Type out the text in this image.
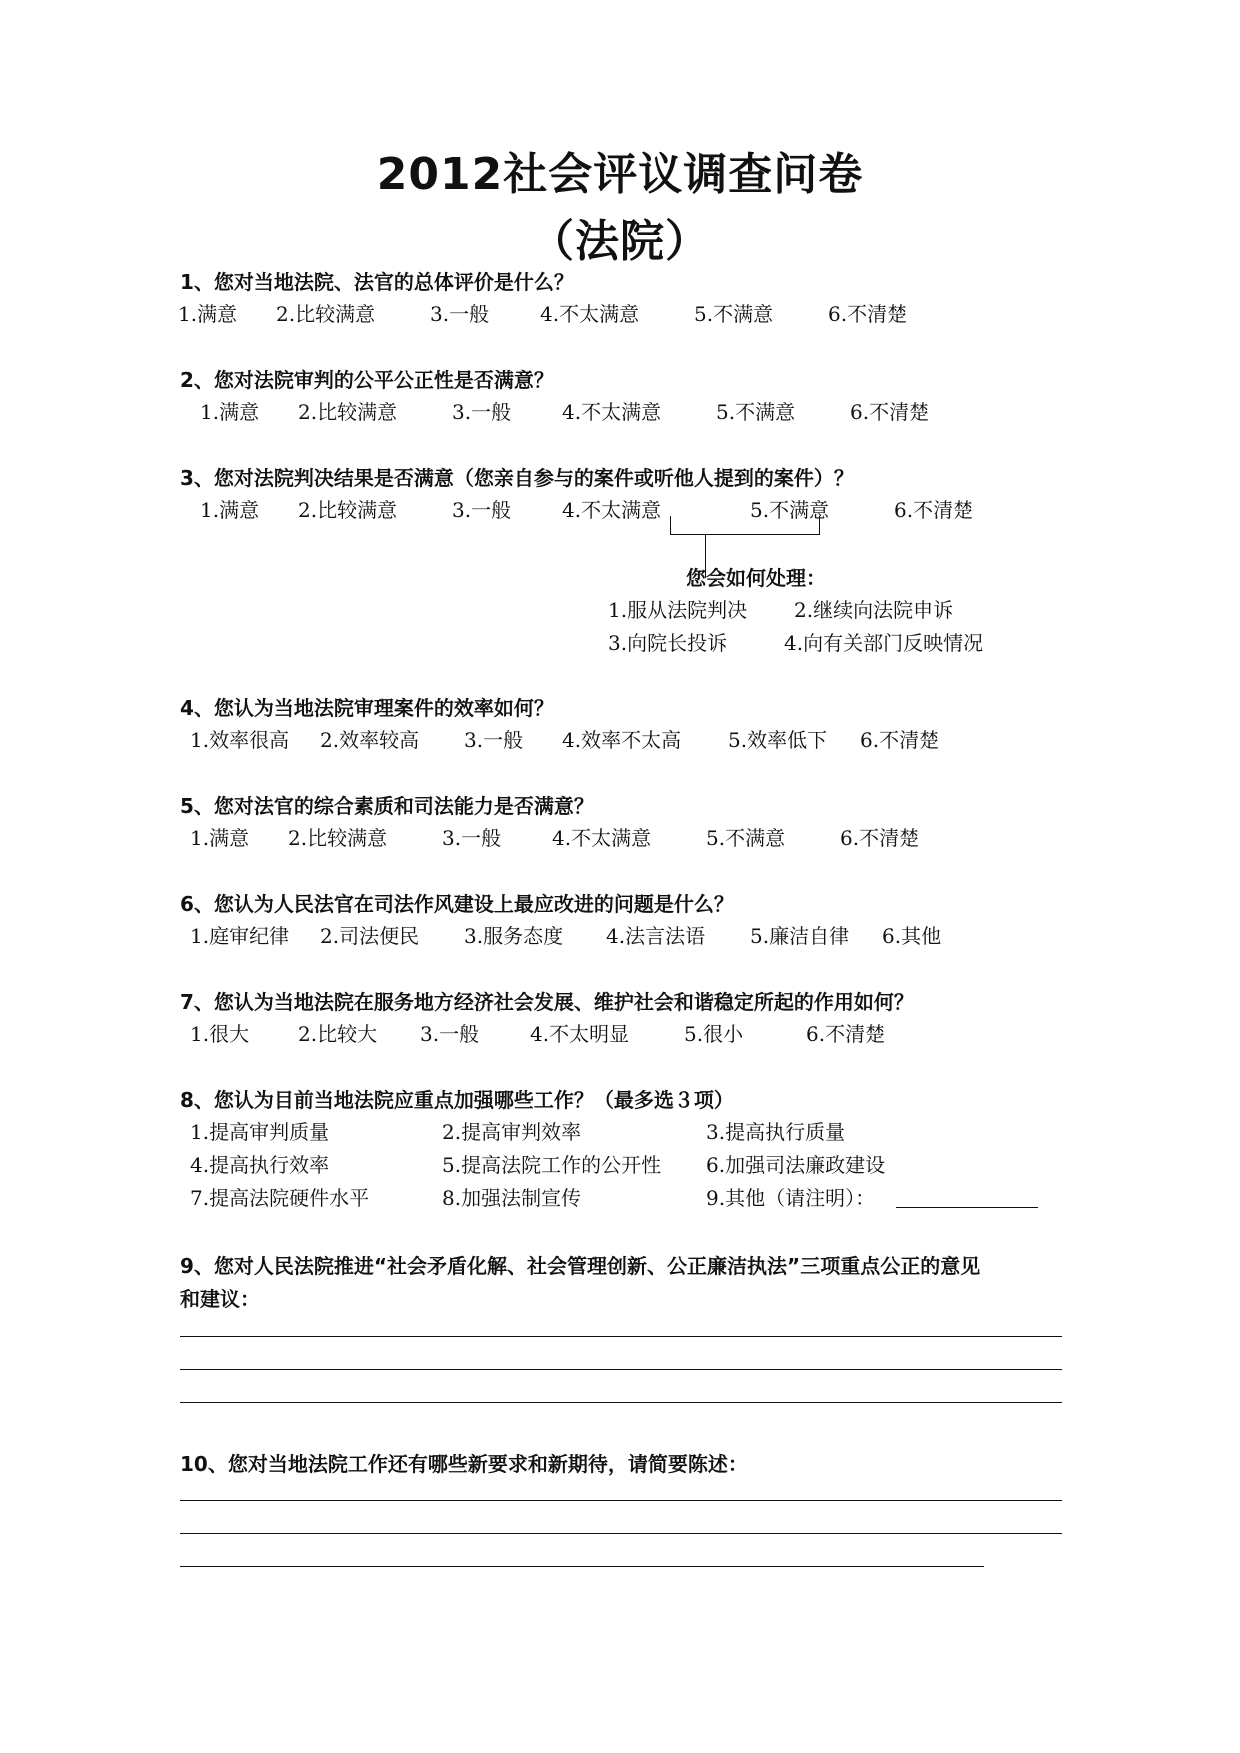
2012社会评议调查问卷
（法院）
1、您对当地法院、法官的总体评价是什么？
1.满意 2.比较满意	3.一般	4.不太满意	5.不满意	6.不清楚
2、您对法院审判的公平公正性是否满意？
1.满意 2.比较满意	3.一般	4.不太满意	5.不满意	6.不清楚
3、您对法院判决结果是否满意（您亲自参与的案件或听他人提到的案件）？
1.满意 2.比较满意	3.一般	4.不太满意	5.不满意	6.不清楚
您会如何处理：
1.服从法院判决 2.继续向法院申诉
3.向院长投诉	4.向有关部门反映情况
4、您认为当地法院审理案件的效率如何？
1.效率很高 2.效率较高 3.一般 4.效率不太高 5.效率低下 6.不清楚
5、您对法官的综合素质和司法能力是否满意？
1.满意 2.比较满意	3.一般	4.不太满意	5.不满意	6.不清楚
6、您认为人民法官在司法作风建设上最应改进的问题是什么？
1.庭审纪律 2.司法便民 3.服务态度 4.法言法语 5.廉洁自律 6.其他
7、您认为当地法院在服务地方经济社会发展、维护社会和谐稳定所起的作用如何？
1.很大 2.比较大 3.一般	4.不太明显	5.很小	6.不清楚
8、您认为目前当地法院应重点加强哪些工作？（最多选３项）
1.提高审判质量	2.提高审判效率	3.提高执行质量
4.提高执行效率	5.提高法院工作的公开性 6.加强司法廉政建设
7.提高法院硬件水平	8.加强法制宣传	9.其他（请注明）：
9、您对人民法院推进“社会矛盾化解、社会管理创新、公正廉洁执法”三项重点公正的意见
和建议：
10、您对当地法院工作还有哪些新要求和新期待，请简要陈述：
